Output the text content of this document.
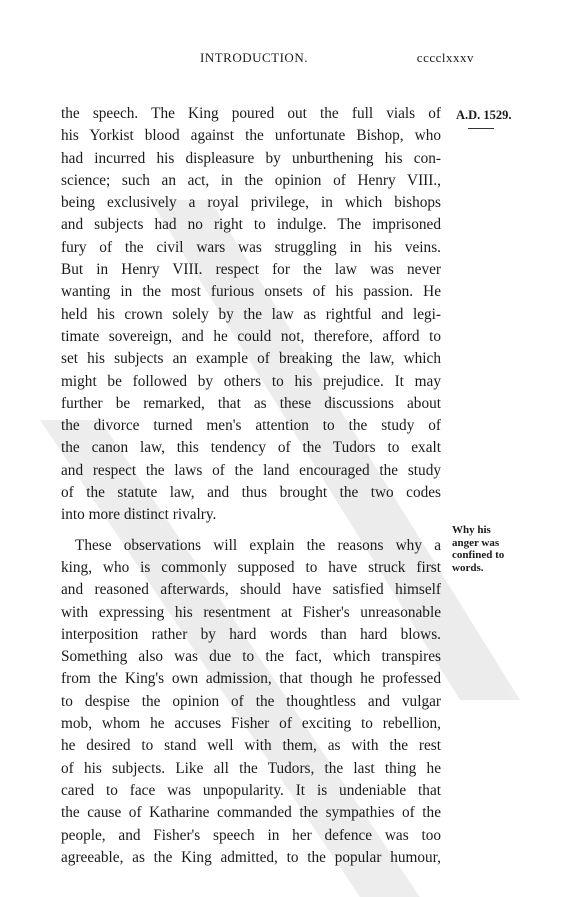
INTRODUCTION.	cccclxxxv
A.D. 1529.
Why his
anger was
confined to
words.
the speech. The King poured out the full vials of
his Yorkist blood against the unfortunate Bishop, who
had incurred his displeasure by unburthening his con-
science; such an act, in the opinion of Henry VIII.,
being exclusively a royal privilege, in which bishops
and subjects had no right to indulge. The imprisoned
fury of the civil wars was struggling in his veins.
But in Henry VIII. respect for the law was never
wanting in the most furious onsets of his passion. He
held his crown solely by the law as rightful and legi-
timate sovereign, and he could not, therefore, afford to
set his subjects an example of breaking the law, which
might be followed by others to his prejudice. It may
further be remarked, that as these discussions about
the divorce turned men's attention to the study of
the canon law, this tendency of the Tudors to exalt
and respect the laws of the land encouraged the study
of the statute law, and thus brought the two codes
into more distinct rivalry.
These observations will explain the reasons why a
king, who is commonly supposed to have struck first
and reasoned afterwards, should have satisfied himself
with expressing his resentment at Fisher's unreasonable
interposition rather by hard words than hard blows.
Something also was due to the fact, which transpires
from the King's own admission, that though he professed
to despise the opinion of the thoughtless and vulgar
mob, whom he accuses Fisher of exciting to rebellion,
he desired to stand well with them, as with the rest
of his subjects. Like all the Tudors, the last thing he
cared to face was unpopularity. It is undeniable that
the cause of Katharine commanded the sympathies of the
people, and Fisher's speech in her defence was too
agreeable, as the King admitted, to the popular humour,
